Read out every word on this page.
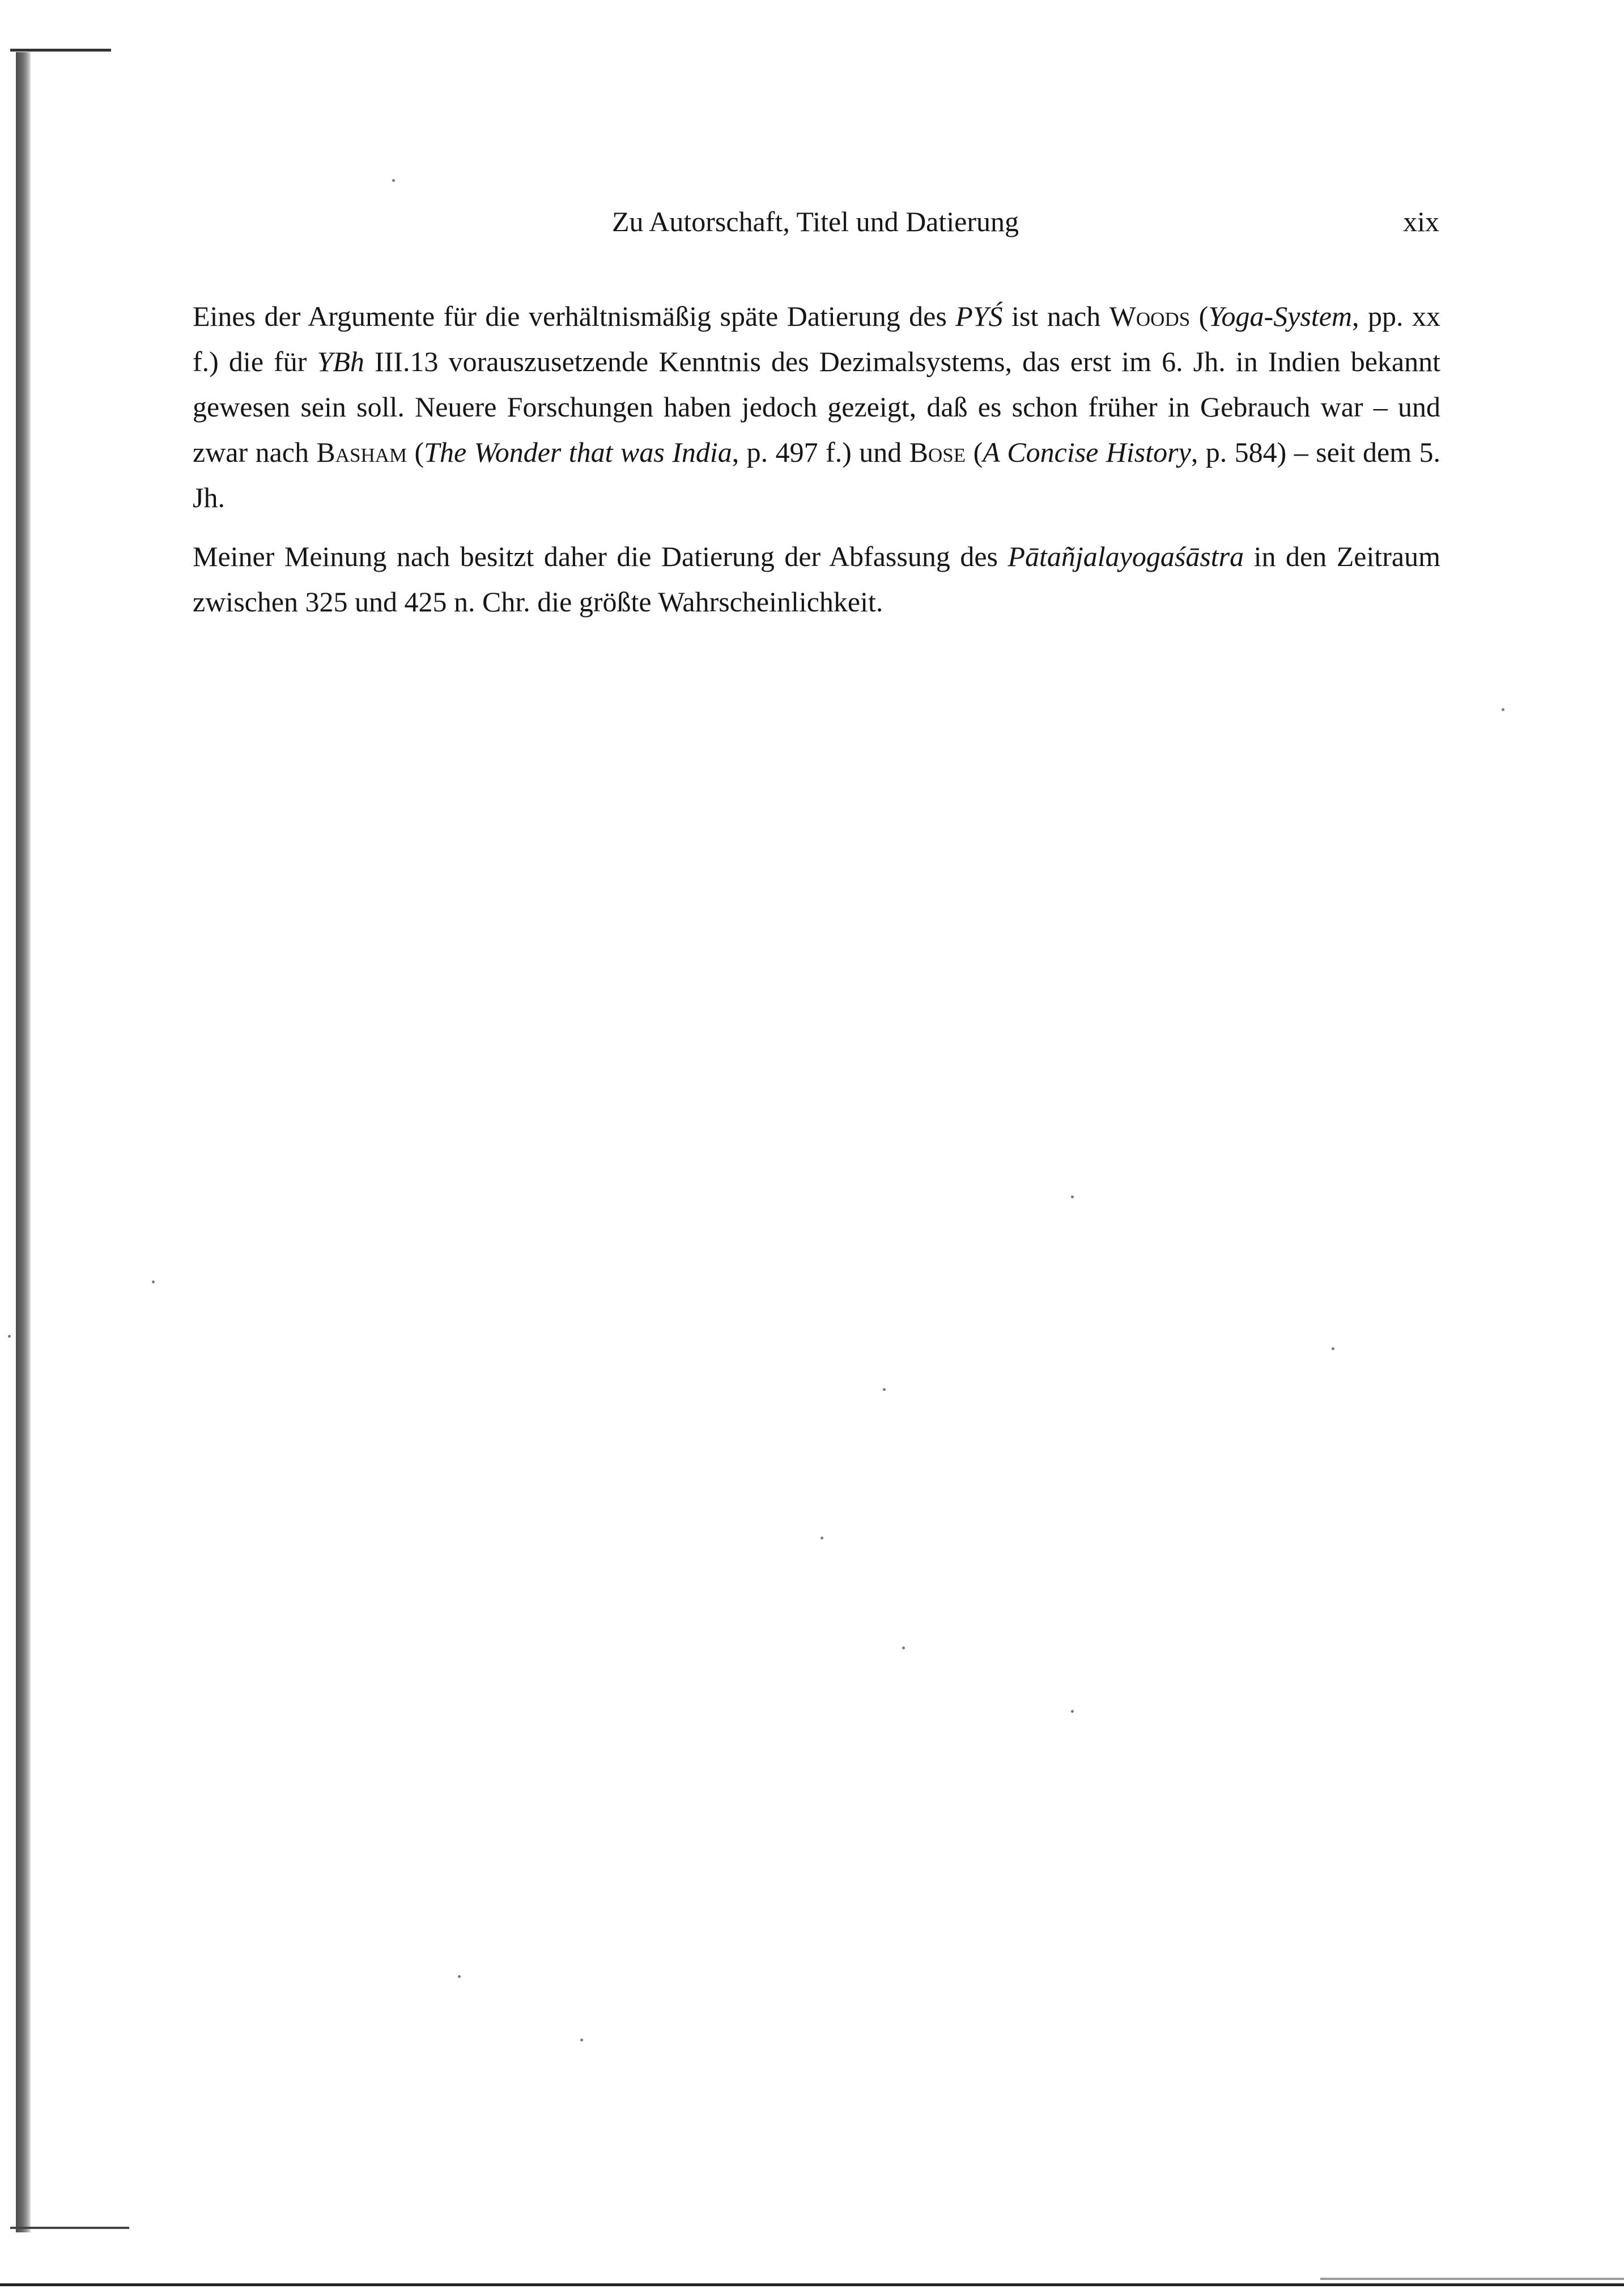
Zu Autorschaft, Titel und Datierung	xix

Eines der Argumente für die verhältnismäßig späte Datierung des PYŚ ist nach Woods (Yoga-System, pp. xx f.) die für YBh III.13 vorauszusetzende Kenntnis des Dezimalsystems, das erst im 6. Jh. in Indien bekannt gewesen sein soll. Neuere Forschungen haben jedoch gezeigt, daß es schon früher in Gebrauch war – und zwar nach Basham (The Wonder that was India, p. 497 f.) und Bose (A Concise History, p. 584) – seit dem 5. Jh.

Meiner Meinung nach besitzt daher die Datierung der Abfassung des Pātañjalayogaśāstra in den Zeitraum zwischen 325 und 425 n. Chr. die größte Wahrscheinlichkeit.
